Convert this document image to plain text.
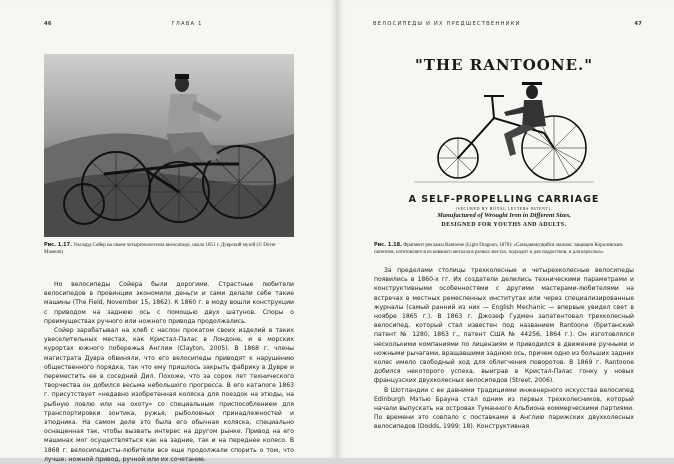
46	ГЛАВА 1
Рис. 1.17. Уиллард Сойер на своем четырехколесном велосипеде, около 1851 г. Дуврский музей (© Dover Museum)

Но велосипеды Сойера были дорогими. Страстные любители велосипедов в провинции экономили деньги и сами делали себе такие машины (The Field, November 15, 1862). К 1860 г. в моду вошли конструкции с приводом на заднюю ось с помощью двух шатунов. Споры о преимуществах ручного или ножного привода продолжались.

Сойер зарабатывал на хлеб с наслон прокатом своих изделий в таких увеселительных местах, как Кристал-Пэлас в Лондоне, и в морских курортах южного побережья Англии (Clayton, 2005). В 1868 г. члены магистрата Дувра обвиняли, что его велосипеды приводят к нарушению общественного порядка, так что ему пришлось закрыть фабрику в Дувре и переместить ее в соседний Дил. Похоже, что за сорок лет технического творчества он добился весьма небольшого прогресса. В его каталоге 1863 г. присутствует «недавно изобретенная коляска для поездок на этюды, на рыбную ловлю или на охоту» со специальным приспособлением для транспортировки зонтика, ружья, рыболовных принадлежностей и этюдника. На самом деле это была его обычная коляска, специально оснащенная так, чтобы вызвать интерес на другом рынке. Привод на его машинах мог осуществляться как на задние, так и на переднее колесо. В 1868 г. велосипедисты-любители все еще продолжали спорить о том, что лучше: ножной привод, ручной или их сочетание.

ВЕЛОСИПЕДЫ И ИХ ПРЕДШЕСТВЕННИКИ	47
"THE RANTOONE."
A SELF-PROPELLING CARRIAGE
(SECURED BY ROYAL LETTERS PATENT),
Manufactured of Wrought Iron in Different Sizes,
DESIGNED FOR YOUTHS AND ADULTS.
Рис. 1.18. Фрагмент рекламы Rantoone (Light Dragoon, 1870): «Самодвижущийся экипаж: защищен Королевским патентом, изготовляется из кованого металла в разных местах, подходит и для подростков, и для взрослых»

За пределами столицы трехколесные и четырехколесные велосипеды появились в 1860-х гг. Их создатели делились техническими параметрами и конструктивными особенностями с другими мастерами-любителями на встречах в местных ремесленных институтах или через специализированные журналы (самый ранний из них — English Mechanic — впервые увидел свет в ноябре 1865 г.). В 1863 г. Джозеф Гудмен запатентовал трехколесный велосипед, который стал известен под названием Rantoone (британский патент № 1280, 1863 г., патент США № 44256, 1864 г.). Он изготовлялся несколькими компаниями по лицензиям и приводился в движение ручными и ножными рычагами, вращавшими заднюю ось, причем одно из больших задних колес имело свободный ход для облегчения поворотов. В 1869 г. Rantoone добился некоторого успеха, выиграв в Кристал-Пэлас гонку у новых французских двухколесных велосипедов (Street, 2006).

В Шотландии с ее давними традициями инженерного искусства велосипед Edinburgh Мэтью Брауна стал одним из первых трехколесников, который начали выпускать на островах Туманного Альбиона коммерческими партиями. По времени это совпало с поставками в Англию парижских двухколесных велосипедов (Dodds, 1999: 18). Конструктивная
